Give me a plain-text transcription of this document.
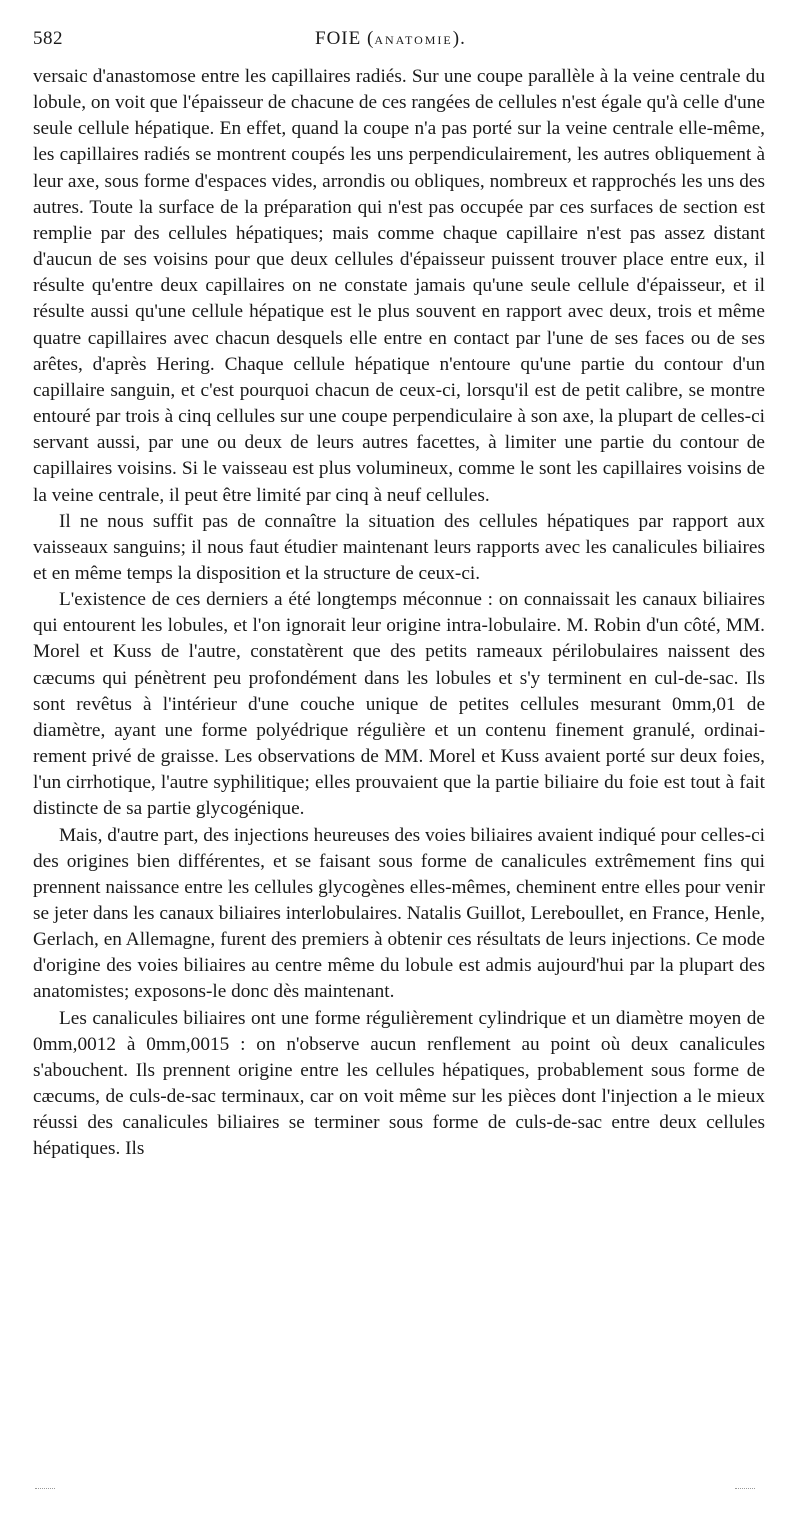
582	FOIE (ANATOMIE).

versaic d'anastomose entre les capillaires radiés. Sur une coupe parallèle à la veine centrale du lobule, on voit que l'épaisseur de chacune de ces rangées de cellules n'est égale qu'à celle d'une seule cellule hépatique. En effet, quand la coupe n'a pas porté sur la veine centrale elle-même, les capillaires radiés se montrent coupés les uns perpendiculairement, les autres obliquement à leur axe, sous forme d'espaces vides, arrondis ou obliques, nombreux et rapprochés les uns des autres. Toute la surface de la préparation qui n'est pas occupée par ces surfaces de section est remplie par des cellules hépatiques; mais comme chaque capillaire n'est pas assez distant d'aucun de ses voisins pour que deux cellules d'épaisseur puissent trouver place entre eux, il résulte qu'entre deux capillaires on ne constate jamais qu'une seule cellule d'épaisseur, et il résulte aussi qu'une cellule hépatique est le plus souvent en rapport avec deux, trois et même quatre capillaires avec chacun desquels elle entre en contact par l'une de ses faces ou de ses arêtes, d'après Hering. Chaque cellule hépatique n'entoure qu'une partie du contour d'un capillaire sanguin, et c'est pourquoi chacun de ceux-ci, lorsqu'il est de petit calibre, se montre entouré par trois à cinq cellules sur une coupe perpendiculaire à son axe, la plupart de celles-ci servant aussi, par une ou deux de leurs autres facettes, à limiter une partie du contour de capillaires voisins. Si le vaisseau est plus volumineux, comme le sont les capillaires voisins de la veine centrale, il peut être limité par cinq à neuf cellules.

Il ne nous suffit pas de connaître la situation des cellules hépatiques par rapport aux vaisseaux sanguins; il nous faut étudier maintenant leurs rapports avec les canalicules biliaires et en même temps la disposition et la structure de ceux-ci.

L'existence de ces derniers a été longtemps méconnue : on connaissait les canaux biliaires qui entourent les lobules, et l'on ignorait leur origine intra-lobulaire. M. Robin d'un côté, MM. Morel et Kuss de l'autre, constatèrent que des petits rameaux périlobulaires naissent des cæcums qui pénètrent peu profondément dans les lobules et s'y terminent en cul-de-sac. Ils sont revêtus à l'intérieur d'une couche unique de petites cellules mesurant 0mm,01 de diamètre, ayant une forme polyédrique régulière et un contenu finement granulé, ordinairement privé de graisse. Les observations de MM. Morel et Kuss avaient porté sur deux foies, l'un cirrhotique, l'autre syphilitique; elles prouvaient que la partie biliaire du foie est tout à fait distincte de sa partie glycogénique.

Mais, d'autre part, des injections heureuses des voies biliaires avaient indiqué pour celles-ci des origines bien différentes, et se faisant sous forme de canalicules extrêmement fins qui prennent naissance entre les cellules glycogènes elles-mêmes, cheminent entre elles pour venir se jeter dans les canaux biliaires interlobulaires. Natalis Guillot, Lereboullet, en France, Henle, Gerlach, en Allemagne, furent des premiers à obtenir ces résultats de leurs injections. Ce mode d'origine des voies biliaires au centre même du lobule est admis aujourd'hui par la plupart des anatomistes; exposons-le donc dès maintenant.

Les canalicules biliaires ont une forme régulièrement cylindrique et un diamètre moyen de 0mm,0012 à 0mm,0015 : on n'observe aucun renflement au point où deux canalicules s'abouchent. Ils prennent origine entre les cellules hépatiques, probablement sous forme de cæcums, de culs-de-sac terminaux, car on voit même sur les pièces dont l'injection a le mieux réussi des canalicules biliaires se terminer sous forme de culs-de-sac entre deux cellules hépatiques. Ils
